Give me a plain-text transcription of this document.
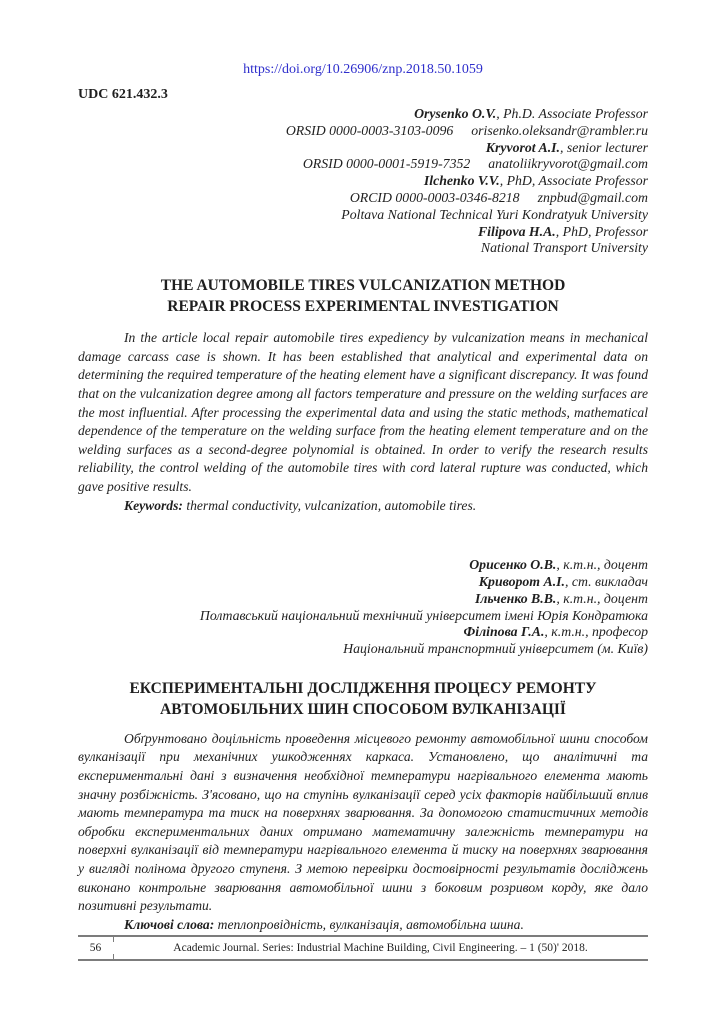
https://doi.org/10.26906/znp.2018.50.1059
UDC 621.432.3
Orysenko O.V., Ph.D. Associate Professor
ORSID 0000-0003-3103-0096 orisenko.oleksandr@rambler.ru
Kryvorot A.I., senior lecturer
ORSID 0000-0001-5919-7352 anatoliikryvorot@gmail.com
Ilchenko V.V., PhD, Associate Professor
ORCID 0000-0003-0346-8218 znpbud@gmail.com
Poltava National Technical Yuri Kondratyuk University
Filipova H.A., PhD, Professor
National Transport University
THE AUTOMOBILE TIRES VULCANIZATION METHOD
REPAIR PROCESS EXPERIMENTAL INVESTIGATION

In the article local repair automobile tires expediency by vulcanization means in mechanical damage carcass case is shown. It has been established that analytical and experimental data on determining the required temperature of the heating element have a significant discrepancy. It was found that on the vulcanization degree among all factors temperature and pressure on the welding surfaces are the most influential. After processing the experimental data and using the static methods, mathematical dependence of the temperature on the welding surface from the heating element temperature and on the welding surfaces as a second-degree polynomial is obtained. In order to verify the research results reliability, the control welding of the automobile tires with cord lateral rupture was conducted, which gave positive results.

Keywords: thermal conductivity, vulcanization, automobile tires.

Орисенко О.В., к.т.н., доцент
Криворот А.І., ст. викладач
Ільченко В.В., к.т.н., доцент
Полтавський національний технічний університет імені Юрія Кондратюка
Філіпова Г.А., к.т.н., професор
Національний транспортний університет (м. Київ)
ЕКСПЕРИМЕНТАЛЬНІ ДОСЛІДЖЕННЯ ПРОЦЕСУ РЕМОНТУ
АВТОМОБІЛЬНИХ ШИН СПОСОБОМ ВУЛКАНІЗАЦІЇ

Обґрунтовано доцільність проведення місцевого ремонту автомобільної шини способом вулканізації при механічних ушкодженнях каркаса. Установлено, що аналітичні та експериментальні дані з визначення необхідної температури нагрівального елемента мають значну розбіжність. З'ясовано, що на ступінь вулканізації серед усіх факторів найбільший вплив мають температура та тиск на поверхнях зварювання. За допомогою статистичних методів обробки експериментальних даних отримано математичну залежність температури на поверхні вулканізації від температури нагрівального елемента й тиску на поверхнях зварювання у вигляді полінома другого ступеня. З метою перевірки достовірності результатів досліджень виконано контрольне зварювання автомобільної шини з боковим розривом корду, яке дало позитивні результати.

Ключові слова: теплопровідність, вулканізація, автомобільна шина.

56	Academic Journal. Series: Industrial Machine Building, Civil Engineering. – 1 (50)' 2018.
